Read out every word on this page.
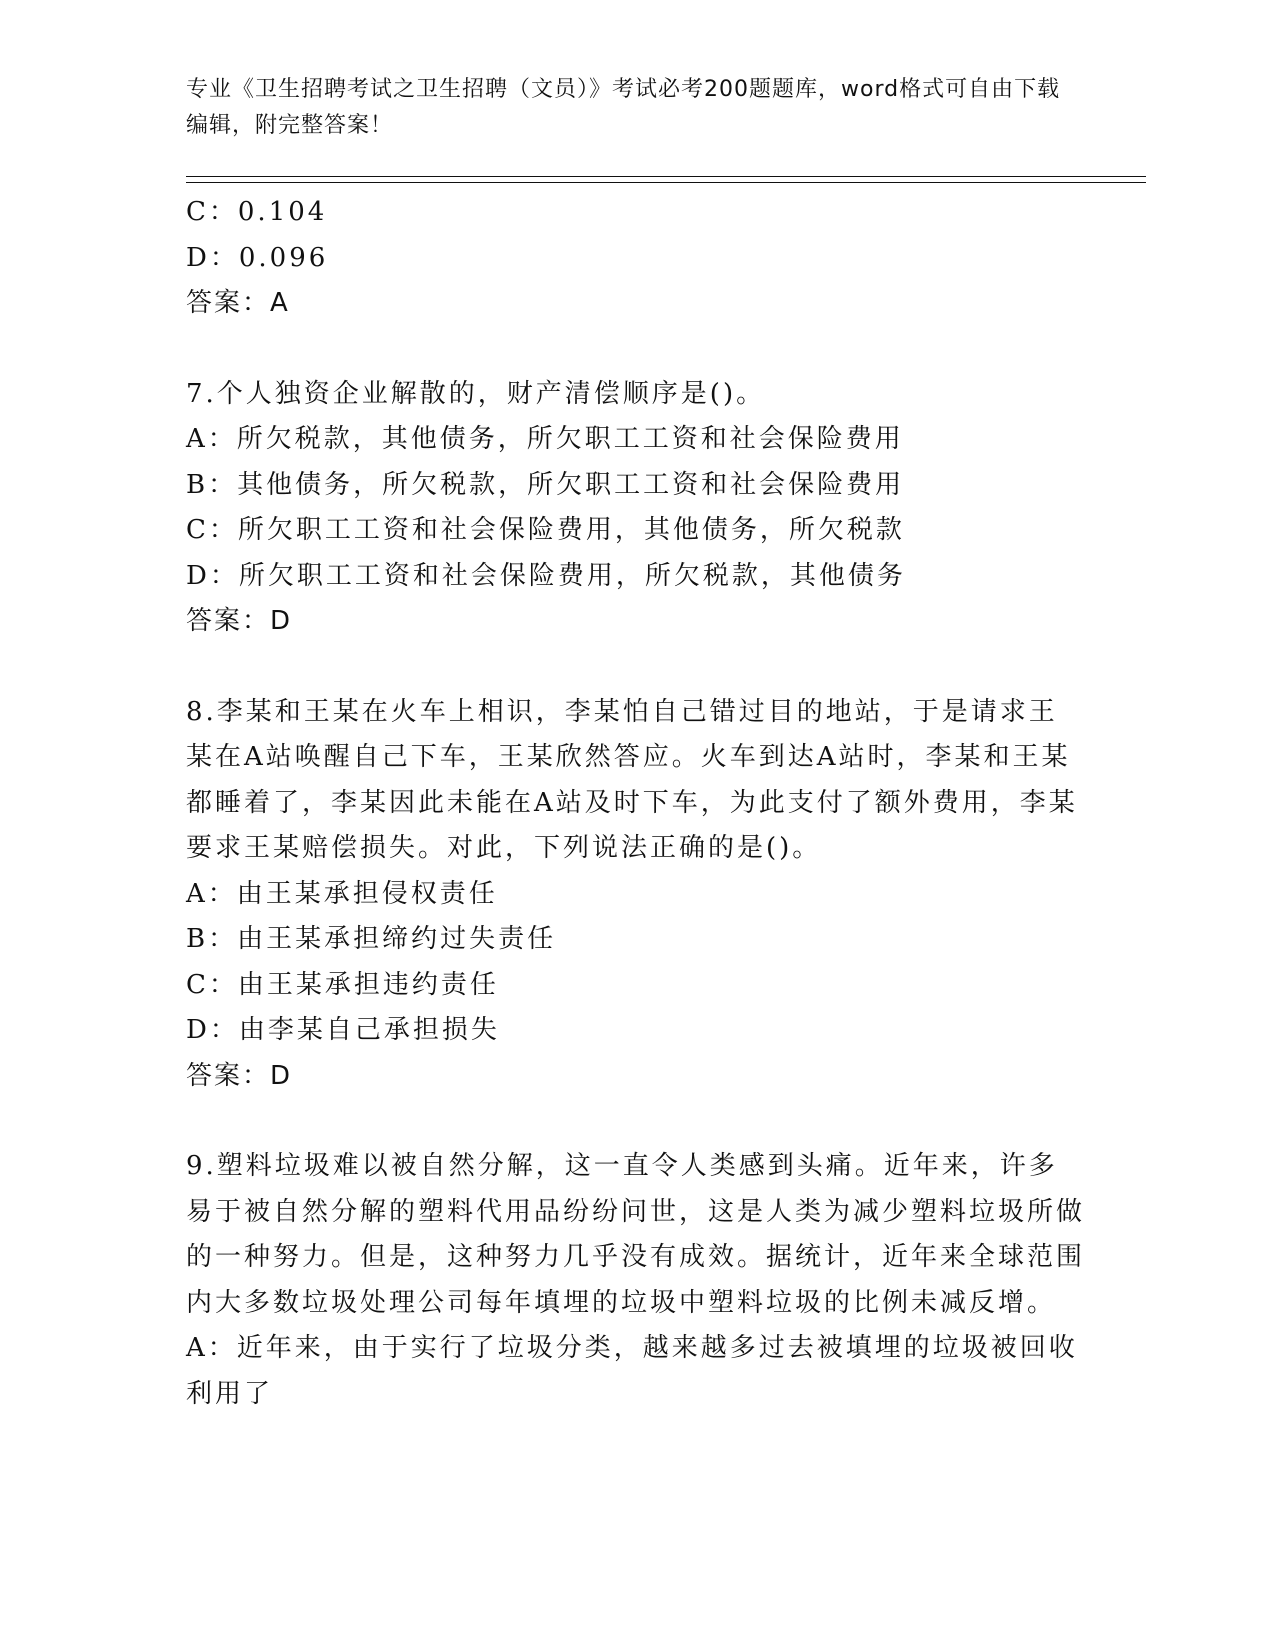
专业《卫生招聘考试之卫生招聘（文员）》考试必考200题题库，word格式可自由下载编辑，附完整答案！
C：0.104
D：0.096
答案：A
7.个人独资企业解散的，财产清偿顺序是()。
A：所欠税款，其他债务，所欠职工工资和社会保险费用
B：其他债务，所欠税款，所欠职工工资和社会保险费用
C：所欠职工工资和社会保险费用，其他债务，所欠税款
D：所欠职工工资和社会保险费用，所欠税款，其他债务
答案：D
8.李某和王某在火车上相识，李某怕自己错过目的地站，于是请求王某在A站唤醒自己下车，王某欣然答应。火车到达A站时，李某和王某都睡着了，李某因此未能在A站及时下车，为此支付了额外费用，李某要求王某赔偿损失。对此，下列说法正确的是()。
A：由王某承担侵权责任
B：由王某承担缔约过失责任
C：由王某承担违约责任
D：由李某自己承担损失
答案：D
9.塑料垃圾难以被自然分解，这一直令人类感到头痛。近年来，许多易于被自然分解的塑料代用品纷纷问世，这是人类为减少塑料垃圾所做的一种努力。但是，这种努力几乎没有成效。据统计，近年来全球范围内大多数垃圾处理公司每年填埋的垃圾中塑料垃圾的比例未减反增。
A：近年来，由于实行了垃圾分类，越来越多过去被填埋的垃圾被回收利用了
